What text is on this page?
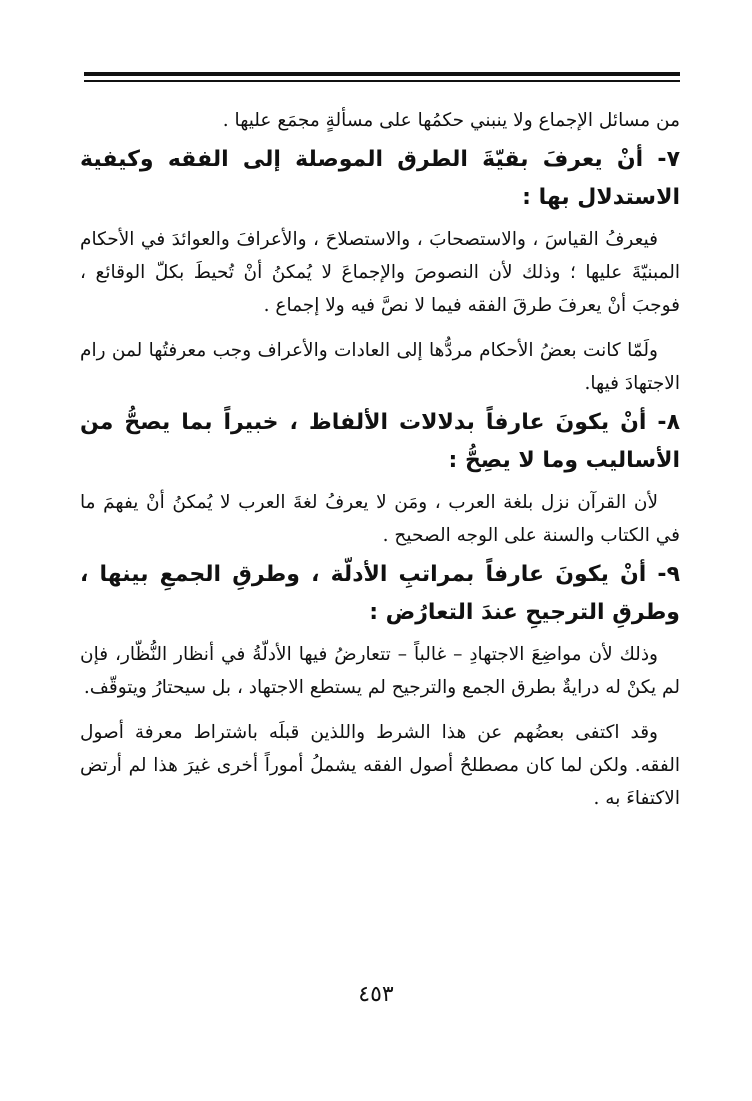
من مسائل الإجماع ولا ينبني حكمُها على مسألةٍ مجمَع عليها .

٧- أنْ يعرفَ بقيّةَ الطرق الموصلة إلى الفقه وكيفية الاستدلال بها :

فيعرفُ القياسَ ، والاستصحابَ ، والاستصلاحَ ، والأعرافَ والعوائدَ في الأحكام المبنيّةَ عليها ؛ وذلك لأن النصوصَ والإجماعَ لا يُمكنُ أنْ تُحيطَ بكلّ الوقائع ، فوجبَ أنْ يعرفَ طرقَ الفقه فيما لا نصَّ فيه ولا إجماع .

ولَمّا كانت بعضُ الأحكام مردُّها إلى العادات والأعراف وجب معرفتُها لمن رام الاجتهادَ فيها.

٨- أنْ يكونَ عارفاً بدلالات الألفاظ ، خبيراً بما يصحُّ من الأساليب وما لا يصِحُّ :

لأن القرآن نزل بلغة العرب ، ومَن لا يعرفُ لغةَ العرب لا يُمكنُ أنْ يفهمَ ما في الكتاب والسنة على الوجه الصحيح .

٩- أنْ يكونَ عارفاً بمراتبِ الأدلّة ، وطرقِ الجمعِ بينها ، وطرقِ الترجيحِ عندَ التعارُض :

وذلك لأن مواضِعَ الاجتهادِ – غالباً – تتعارضُ فيها الأدلّةُ في أنظار النُّظّار، فإن لم يكنْ له درايةٌ بطرق الجمع والترجيح لم يستطع الاجتهاد ، بل سيحتارُ ويتوقّف.

وقد اكتفى بعضُهم عن هذا الشرط واللذين قبلَه باشتراط معرفة أصول الفقه. ولكن لما كان مصطلحُ أصول الفقه يشملُ أموراً أخرى غيرَ هذا لم أرتض الاكتفاءَ به .

٤٥٣
